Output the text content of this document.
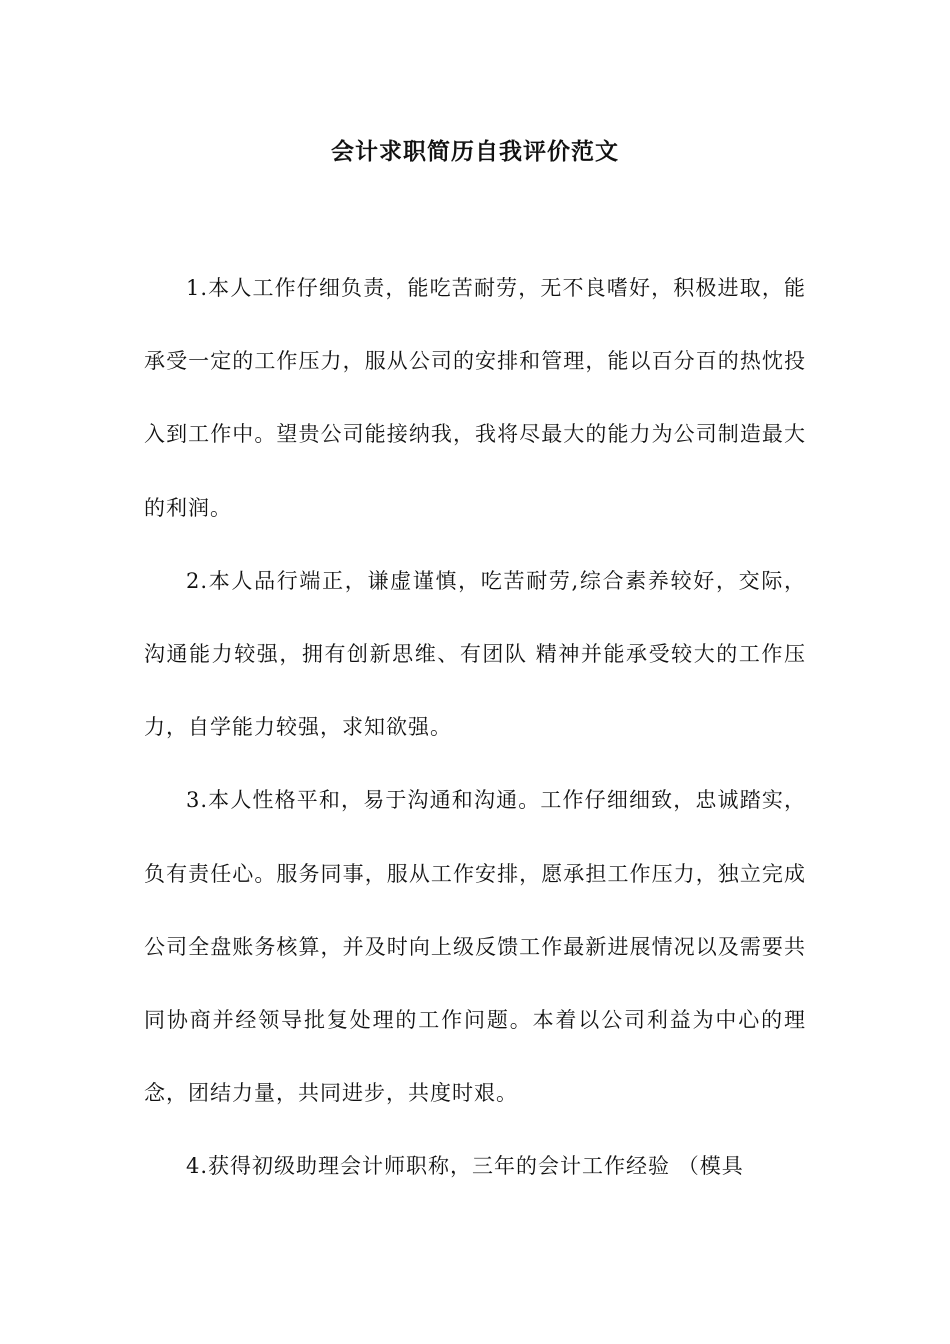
会计求职简历自我评价范文

1.本人工作仔细负责，能吃苦耐劳，无不良嗜好，积极进取，能承受一定的工作压力，服从公司的安排和管理，能以百分百的热忱投入到工作中。望贵公司能接纳我，我将尽最大的能力为公司制造最大的利润。

2.本人品行端正，谦虚谨慎，吃苦耐劳,综合素养较好，交际，沟通能力较强，拥有创新思维、有团队 精神并能承受较大的工作压力，自学能力较强，求知欲强。

3.本人性格平和，易于沟通和沟通。工作仔细细致，忠诚踏实，负有责任心。服务同事，服从工作安排，愿承担工作压力，独立完成公司全盘账务核算，并及时向上级反馈工作最新进展情况以及需要共同协商并经领导批复处理的工作问题。本着以公司利益为中心的理念，团结力量，共同进步，共度时艰。

4.获得初级助理会计师职称，三年的会计工作经验 （模具
